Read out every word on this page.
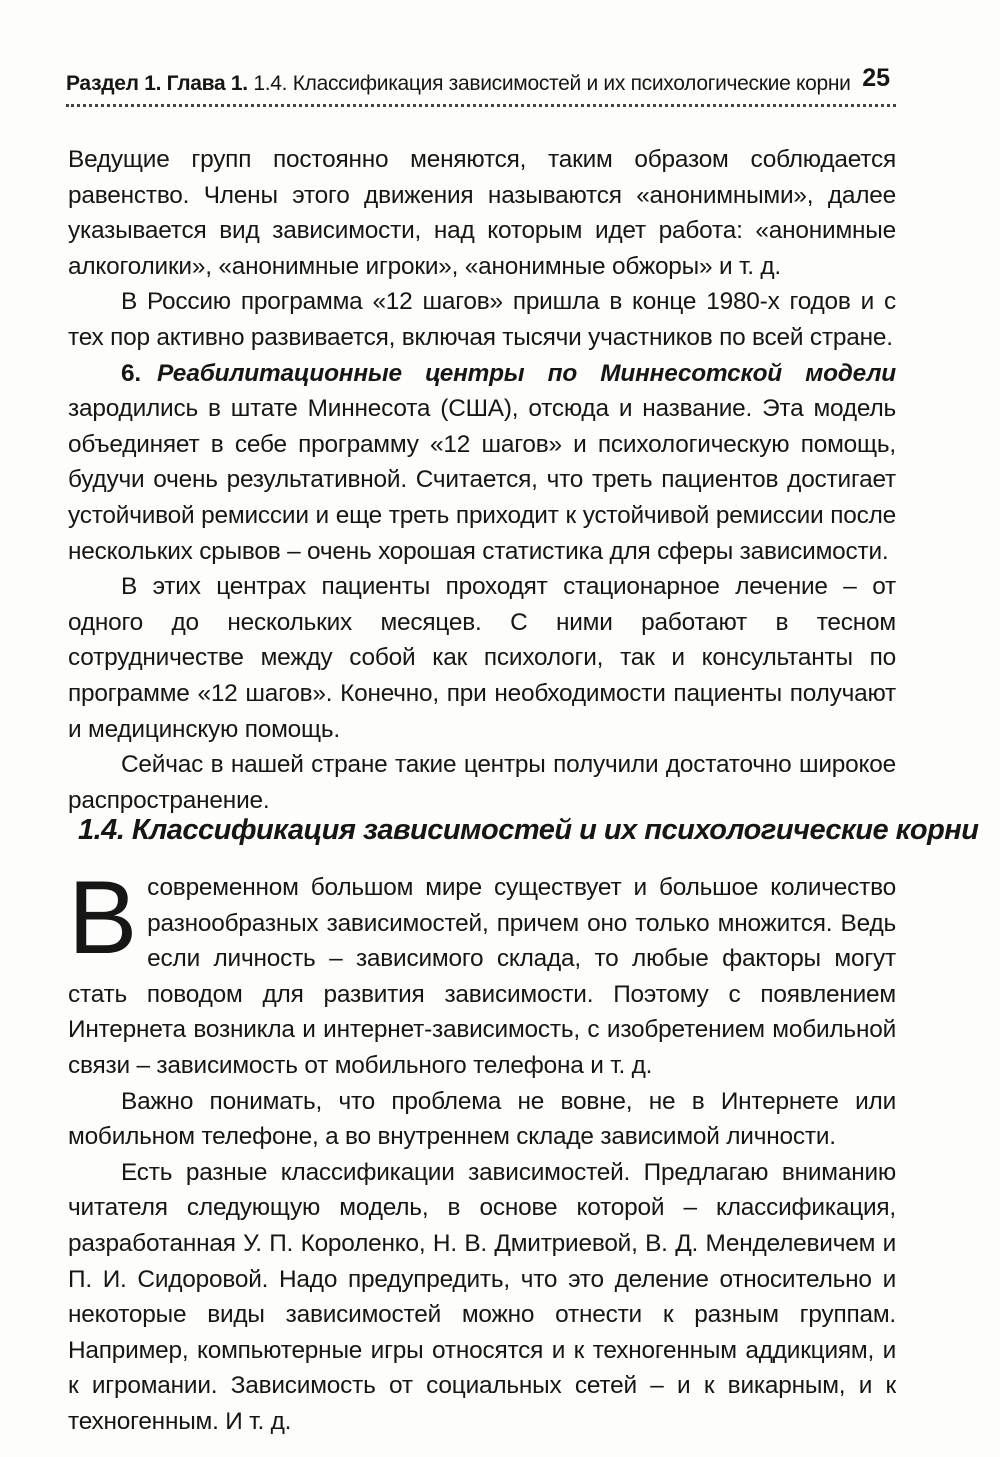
Раздел 1. Глава 1. 1.4. Классификация зависимостей и их психологические корни 25

Ведущие групп постоянно меняются, таким образом соблюдается равенство. Члены этого движения называются «анонимными», далее указывается вид зависимости, над которым идет работа: «анонимные алкоголики», «анонимные игроки», «анонимные обжоры» и т. д.

В Россию программа «12 шагов» пришла в конце 1980-х годов и с тех пор активно развивается, включая тысячи участников по всей стране.

6. Реабилитационные центры по Миннесотской модели зародились в штате Миннесота (США), отсюда и название. Эта модель объединяет в себе программу «12 шагов» и психологическую помощь, будучи очень результативной. Считается, что треть пациентов достигает устойчивой ремиссии и еще треть приходит к устойчивой ремиссии после нескольких срывов – очень хорошая статистика для сферы зависимости.

В этих центрах пациенты проходят стационарное лечение – от одного до нескольких месяцев. С ними работают в тесном сотрудничестве между собой как психологи, так и консультанты по программе «12 шагов». Конечно, при необходимости пациенты получают и медицинскую помощь.

Сейчас в нашей стране такие центры получили достаточно широкое распространение.

1.4. Классификация зависимостей и их психологические корни

В современном большом мире существует и большое количество разнообразных зависимостей, причем оно только множится. Ведь если личность – зависимого склада, то любые факторы могут стать поводом для развития зависимости. Поэтому с появлением Интернета возникла и интернет-зависимость, с изобретением мобильной связи – зависимость от мобильного телефона и т. д.

Важно понимать, что проблема не вовне, не в Интернете или мобильном телефоне, а во внутреннем складе зависимой личности.

Есть разные классификации зависимостей. Предлагаю вниманию читателя следующую модель, в основе которой – классификация, разработанная У. П. Короленко, Н. В. Дмитриевой, В. Д. Менделевичем и П. И. Сидоровой. Надо предупредить, что это деление относительно и некоторые виды зависимостей можно отнести к разным группам. Например, компьютерные игры относятся и к техногенным аддикциям, и к игромании. Зависимость от социальных сетей – и к викарным, и к техногенным. И т. д.
